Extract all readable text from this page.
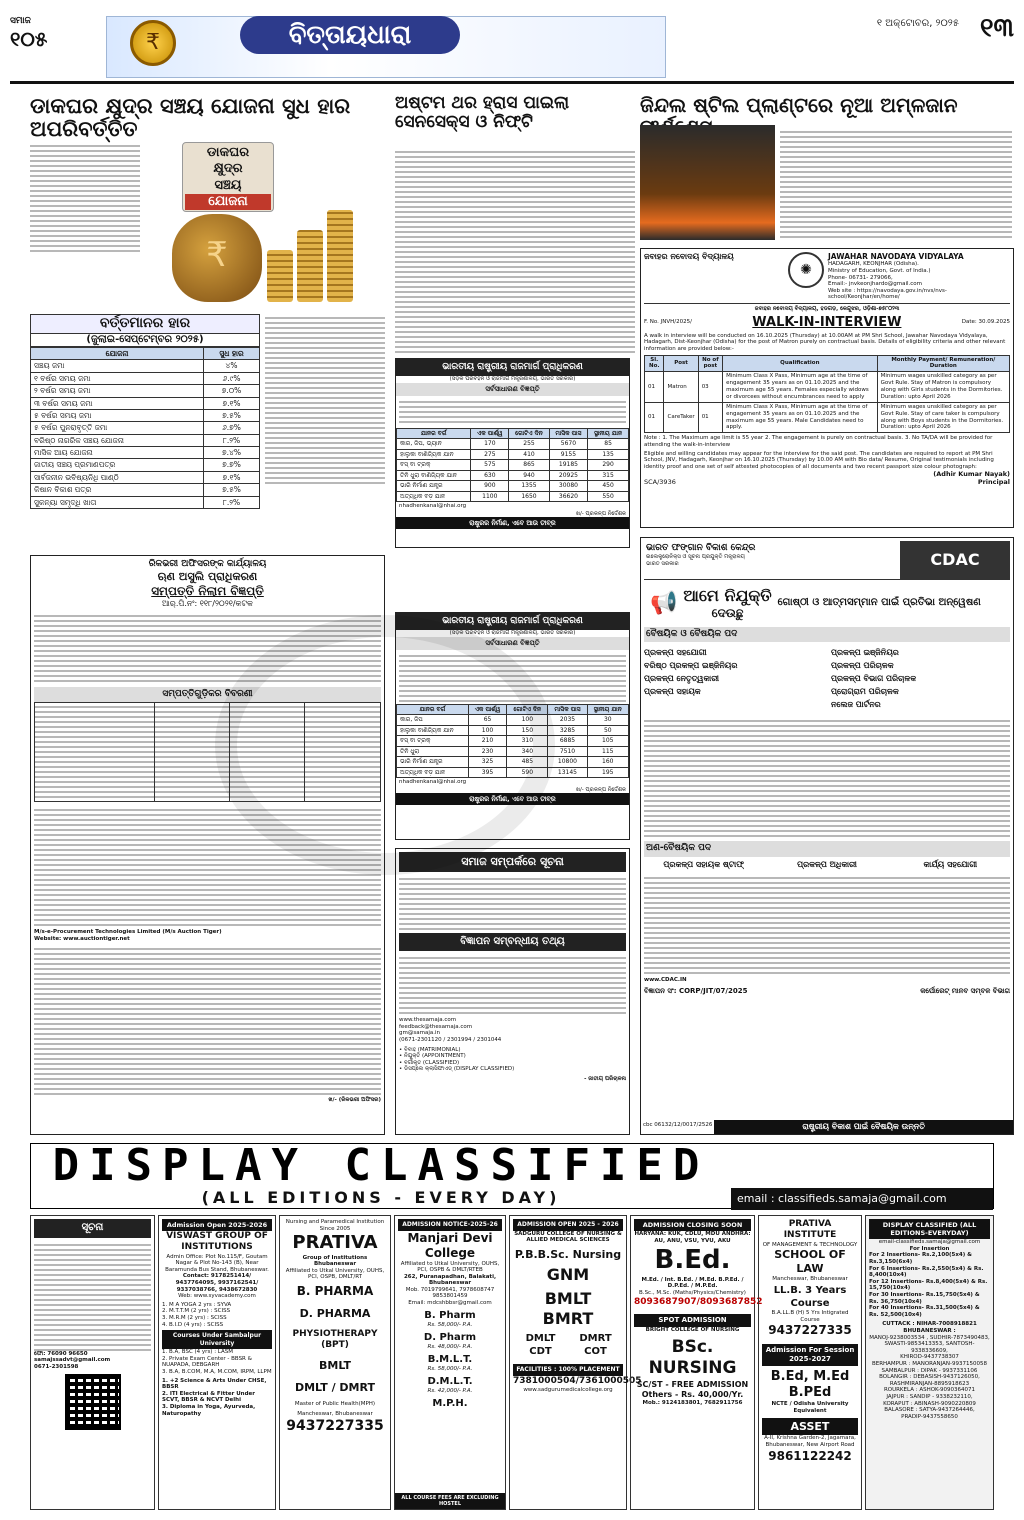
ସମାଜ
୧୦୫	₹	ବିତ୍ତାୟଧାରା	୧ ଅକ୍ଟୋବର, ୨୦୨୫ ୧୩
ଡାକଘର କ୍ଷୁଦ୍ର ସଞ୍ଚୟ ଯୋଜନା ସୁଧ ହାର ଅପରିବର୍ତ୍ତିତ
ଅଷ୍ଟମ ଥର ହ୍ରାସ ପାଇଲା ସେନସେକ୍ସ ଓ ନିଫ୍ଟି
ଜିନ୍ଦଲ ଷ୍ଟିଲ ପ୍ଲାଣ୍ଟରେ ନୂଆ ଅମ୍ଳଜାନ
ଡାକଘର
କ୍ଷୁଦ୍ର
ସଞ୍ଚୟ
ଯୋଜନା
₹
ବର୍ତ୍ତମାନର ହାର
(ଜୁଲାଇ-ସେପ୍ଟେମ୍ବର ୨୦୨୫)
ଯୋଜନା	ସୁଧ ହାର
ସଞ୍ଚୟ ଜମା	୪%
୧ ବର୍ଷର ସମୟ ଜମା	୬.୯%
୨ ବର୍ଷର ସମୟ ଜମା	୭.୦%
୩ ବର୍ଷର ସମୟ ଜମା	୭.୧%
୫ ବର୍ଷର ସମୟ ଜମା	୭.୫%
୫ ବର୍ଷର ପୁନରାବୃତ୍ତି ଜମା	୬.୭%
ବରିଷ୍ଠ ନାଗରିକ ସଞ୍ଚୟ ଯୋଜନା	୮.୨%
ମାସିକ ଆୟ ଯୋଜନା	୭.୪%
ଜାତୀୟ ସଞ୍ଚୟ ପ୍ରମାଣପତ୍ର	୭.୭%
ସାର୍ବଜନୀନ ଭବିଷ୍ୟନିଧି ପାଣ୍ଠି	୭.୧%
କିଷାନ ବିକାଶ ପତ୍ର	୭.୫%
ସୁକନ୍ୟା ସମୃଦ୍ଧି ଖାତା	୮.୨%
ଜବାହର ନବୋଦୟ ବିଦ୍ୟାଳୟ
✺
JAWAHAR NAVODAYA VIDYALAYA
HADAGARH, KEONJHAR (Odisha).
Ministry of Education, Govt. of India.)
Phone- 06731- 279066,
Email:- jnvkeonjhardo@gmail.com
Web site : https://navodaya.gov.in/nvs/nvs-school/Keonjhar/en/home/
ଜବାହର ନବୋଦୟ ବିଦ୍ୟାଳୟ, ହଡଗଡ଼, କେନ୍ଦୁଝର, ଓଡ଼ିଶା-୭୫୮୦୨୩
F. No. JNVH/2025/	WALK-IN-INTERVIEW	Date: 30.09.2025
A walk in interview will be conducted on 16.10.2025 (Thursday) at 10.00AM at PM Shri School, Jawahar Navodaya Vidyalaya, Hadagarh, Dist-Keonjhar (Odisha) for the post of Matron purely on contractual basis. Details of eligibility criteria and other relevant information are provided below:-
Sl. No.	Post	No of post	Qualification	Monthly Payment/ Remuneration/ Duration
01	Matron	03	Minimum Class X Pass, Minimum age at the time of engagement 35 years as on 01.10.2025 and the maximum age 55 years. Females especially widows or divorcees without encumbrances need to apply	Minimum wages unskilled category as per Govt Rule. Stay of Matron is compulsory along with Girls students in the Dormitories. Duration: upto April 2026
01	CareTaker	01	Minimum Class X Pass, Minimum age at the time of engagement 35 years as on 01.10.2025 and the maximum age 55 years. Male Candidates need to apply.	Minimum wages unskilled category as per Govt Rule. Stay of care taker is compulsory along with Boys students in the Dormitories. Duration: upto April 2026
Note : 1. The Maximum age limit is 55 year 2. The engagement is purely on contractual basis. 3. No TA/DA will be provided for attending the walk-in-interview
Eligible and willing candidates may appear for the interview for the said post. The candidates are required to report at PM Shri School, JNV, Hadagarh, Keonjhar on 16.10.2025 (Thursday) by 10.00 AM with Bio data/ Resume, Original testimonials including identity proof and one set of self attested photocopies of all documents and two recent passport size colour photograph:
(Adhir Kumar Nayak)
SCA/3936	Principal
ଭାରତୀୟ ରାଷ୍ଟ୍ରୀୟ ରାଜମାର୍ଗ ପ୍ରାଧିକରଣ
(ସଡ଼କ ପରିବହନ ଓ ରାଜମାର୍ଗ ମନ୍ତ୍ରଣାଳୟ, ଭାରତ ସରକାର)
ସର୍ବସାଧାରଣ ବିଜ୍ଞପ୍ତି
ଯାନର ବର୍ଗ	ଏକ ପାର୍ଶ୍ୱ	ଗୋଟିଏ ଦିନ	ମାସିକ ପାସ	ସ୍ଥାନୀୟ ଯାନ
କାର, ଜିପ, ଭ୍ୟାନ	170	255	5670	85
ହାଲୁକା ବାଣିଜ୍ୟିକ ଯାନ	275	410	9155	135
ବସ୍ ବା ଟ୍ରକ୍	575	865	19185	290
ତିନି ଧୁରା ବାଣିଜ୍ୟିକ ଯାନ	630	940	20925	315
ଭାରି ନିର୍ମାଣ ଯନ୍ତ୍ର	900	1355	30080	450
ଅତ୍ୟଧିକ ବଡ଼ ଯାନ	1100	1650	36620	550
nhadhenkanal@nhai.org
ଖ/- ପ୍ରକଳ୍ପ ନିର୍ଦ୍ଦେଶକ
ରାଷ୍ଟ୍ରର ନିର୍ମାଣ, ଏବେ ଆଉ ତୀବ୍ର
ରିକଭରୀ ଅଫିସରଙ୍କ କାର୍ଯ୍ୟାଳୟ
ଋଣ ଅସୁଲି ପ୍ରାଧିକରଣ
ସମ୍ପତ୍ତି ନିଲାମ ବିଜ୍ଞପ୍ତି
ଆର୍.ପି.ନଂ: ୧୧୮/୨୦୨୧/କଟକ
ସମ୍ପତ୍ତିଗୁଡ଼ିକର ବିବରଣୀ
M/s-e-Procurement Technologies Limited (M/s Auction Tiger)
Website: www.auctiontiger.net
ଖ/- (ରିକଭରୀ ଅଫିସର)
ଭାରତୀୟ ରାଷ୍ଟ୍ରୀୟ ରାଜମାର୍ଗ ପ୍ରାଧିକରଣ
(ସଡ଼କ ପରିବହନ ଓ ରାଜମାର୍ଗ ମନ୍ତ୍ରଣାଳୟ, ଭାରତ ସରକାର)
ସର୍ବସାଧାରଣ ବିଜ୍ଞପ୍ତି
ଯାନର ବର୍ଗ	ଏକ ପାର୍ଶ୍ୱ	ଗୋଟିଏ ଦିନ	ମାସିକ ପାସ	ସ୍ଥାନୀୟ ଯାନ
କାର, ଜିପ	65	100	2035	30
ହାଲୁକା ବାଣିଜ୍ୟିକ ଯାନ	100	150	3285	50
ବସ୍ ବା ଟ୍ରକ୍	210	310	6885	105
ତିନି ଧୁରା	230	340	7510	115
ଭାରି ନିର୍ମାଣ ଯନ୍ତ୍ର	325	485	10800	160
ଅତ୍ୟଧିକ ବଡ଼ ଯାନ	395	590	13145	195
nhadhenkanal@nhai.org
ଖ/- ପ୍ରକଳ୍ପ ନିର୍ଦ୍ଦେଶକ
ରାଷ୍ଟ୍ରର ନିର୍ମାଣ, ଏବେ ଆଉ ତୀବ୍ର
ସମାଜ ସମ୍ପର୍କରେ ସୂଚନା
ବିଜ୍ଞାପନ ସମ୍ବନ୍ଧୀୟ ତଥ୍ୟ
www.thesamaja.com
feedback@thesamaja.com
gm@samaja.in
(0671-2301120 / 2301994 / 2301044
• ବିବାହ (MATRIMONIAL)
• ନିଯୁକ୍ତି (APPOINTMENT)
• ବର୍ଗୀକୃତ (CLASSIFIED)
• ଡିସପ୍ଲେ କ୍ଲାସିଫାଏଡ୍ (DISPLAY CLASSIFIED)
- ଜାତୀୟ ପରିଚାଳନା
ଭାରତ ଫଙ୍ଗାନ ବିକାଶ କେନ୍ଦ୍ର
ଇଲେକ୍ଟ୍ରୋନିକ୍ସ ଓ ସୂଚନା ପ୍ରଯୁକ୍ତି ମନ୍ତ୍ରାଳୟ
ଭାରତ ସରକାର	CDAC
📢 ଆମେ ନିଯୁକ୍ତି
ଦେଉଛୁ
ଗୋଷ୍ଠୀ ଓ ଆତ୍ମସମ୍ମାନ ପାଇଁ ପ୍ରତିଭା ଅନ୍ୱେଷଣ
ବୈଷୟିକ ଓ ବୈଷୟିକ ପଦ
ପ୍ରକଳ୍ପ ସହଯୋଗୀ
ବରିଷ୍ଠ ପ୍ରକଳ୍ପ ଇଞ୍ଜିନିୟର
ପ୍ରକଳ୍ପ ନେତୃତ୍ୱକାରୀ
ପ୍ରକଳ୍ପ ସହାୟକ
ପ୍ରକଳ୍ପ ଇଞ୍ଜିନିୟର
ପ୍ରକଳ୍ପ ପରିଚାଳକ
ପ୍ରକଳ୍ପ ବିଭାଗ ପରିଚାଳକ
ପ୍ରୋଗ୍ରାମ ପରିଚାଳକ
ନଲେଜ ପାର୍ଟନର
ଅଣ-ବୈଷୟିକ ପଦ
ପ୍ରକଳ୍ପ ସହାୟକ ଷ୍ଟାଫ୍	ପ୍ରକଳ୍ପ ଅଧିକାରୀ	କାର୍ଯ୍ୟ ସହଯୋଗୀ
www.CDAC.IN
ବିଜ୍ଞାପନ ସଂ: CORP/JIT/07/2025	କର୍ପୋରେଟ୍ ମାନବ ସମ୍ବଳ ବିଭାଗ
cbc 06132/12/0017/2526	ରାଷ୍ଟ୍ରୀୟ ବିକାଶ ପାଇଁ ବୈଷୟିକ ଉନ୍ନତି
DISPLAY CLASSIFIED
(ALL EDITIONS - EVERY DAY)	email : classifieds.samaja@gmail.com
ସୂଚନା
ଫୋ: 76090 96650
samajssadvt@gmail.com
0671-2301598
Admission Open 2025-2026
VISWAST GROUP OF INSTITUTIONS
Admin Office: Plot No.115/F, Goutam Nagar & Plot No-143 (B), Near Baramunda Bus Stand, Bhubaneswar.
Contact: 9178251414/ 9437764095, 9937162541/ 9337038766, 9438672830
Web: www.syvacademy.com
1. M A YOGA 2 yrs : SYVA
2. M.T.T.M (2 yrs) : SCISS
3. M.R.M (2 yrs) : SCISS
4. B.I.D (4 yrs) : SCISS
Courses Under Sambalpur University
1. B.A, BSC (4 yrs) : LASM
2. Private Exam Center - BBSR & NUAPADA, DEBGARH
3. B.A, B.COM, M.A, M.COM, IRPM, LLPM
1. +2 Science & Arts Under CHSE, BBSR
2. ITI Electrical & Fitter Under SCVT, BBSR & NCVT Delhi
3. Diploma in Yoga, Ayurveda, Naturopathy
Nursing and Paramedical Institution Since 2005
PRATIVA
Group of Institutions Bhubaneswar
Affiliated to Utkal University, OUHS, PCI, OSPB, DMLT/RT
B. PHARMA
D. PHARMA
PHYSIOTHERAPY (BPT)
BMLT
DMLT / DMRT
Master of Public Health(MPH)
Mancheswar, Bhubaneswar
9437227335
ADMISSION NOTICE-2025-26
Manjari Devi College
Affiliated to Utkal University, OUHS, PCI, OSPB & DMLT/RTEB
262, Puranapadhan, Balakati, Bhubaneswar
Mob. 7019799641, 7978608747 9853801459
Email: mdcshbbsr@gmail.com
B. Pharm
Rs. 58,000/- P.A.
D. Pharm
Rs. 48,000/- P.A.
B.M.L.T.
Rs. 58,000/- P.A.
D.M.L.T.
Rs. 42,000/- P.A.
M.P.H.
ALL COURSE FEES ARE EXCLUDING HOSTEL
ADMISSION OPEN 2025 - 2026
SADGURU COLLEGE OF NURSING & ALLIED MEDICAL SCIENCES
P.B.B.Sc. Nursing
GNM
BMLT
BMRT
DMLT	DMRT
CDT	COT
FACILITIES : 100% PLACEMENT
7381000504/7361000505
www.sadgurumedicalcollege.org
ADMISSION CLOSING SOON
HARYANA: KUK, CDLU, MDU ANDHRA: AU, ANU, VSU, YVU, AKU
B.Ed.
M.Ed. / Int. B.Ed. / M.Ed. B.P.Ed. / D.P.Ed. / M.P.Ed.
B.Sc., M.Sc. (Maths/Physics/Chemistry)
8093687907/8093687852
SPOT ADMISSION
BRIGHT COLLEGE OF NURSING
BSc. NURSING
SC/ST - FREE ADMISSION
Others - Rs. 40,000/Yr.
Mob.: 9124183801, 7682911756
PRATIVA INSTITUTE
OF MANAGEMENT & TECHNOLOGY
SCHOOL OF LAW
Mancheswar, Bhubaneswar
LL.B. 3 Years Course
B.A.LL.B (H) 5 Yrs Intigrated Course
9437227335
Admission For Session 2025-2027
B.Ed, M.Ed B.PEd
NCTE / Odisha University Equivalent
ASSET
A-II, Krishna Garden-2, Jagamara, Bhubaneswar, New Airport Road
9861122242
DISPLAY CLASSIFIED (ALL EDITIONS-EVERYDAY)
email-classifieds.samaja@gmail.com
For Insertion
For 2 Insertions- Rs.2,100(5x4) & Rs.3,150(6x4)
For 6 Insertions- Rs.2,550(5x4) & Rs. 8,400(10x4)
For 12 Insertions- Rs.8,400(5x4) & Rs. 15,750(10x4)
For 30 Insertions- Rs.15,750(5x4) & Rs. 36,750(10x4)
For 40 Insertions- Rs.31,500(5x4) & Rs. 52,500(10x4)
CUTTACK : NIHAR-7008918821
BHUBANESWAR :
MANOJ-9238003534 , SUDHIR-7873490483,
SWASTI-9853413353, SANTOSH-9338336609,
KHIROD-9437738307
BERHAMPUR : MANORANJAN-9937150058
SAMBALPUR : DIPAK - 9937331106
BOLANGIR : DEBASISH-9437126050,
RASHMIRANJAN-8895918623
ROURKELA : ASHOK-9090364071
JAJPUR : SANDIP - 9338232110,
KORAPUT : ABINASH-9090220809
BALASORE : SATYA-9437264446,
PRADIP-9437558650
